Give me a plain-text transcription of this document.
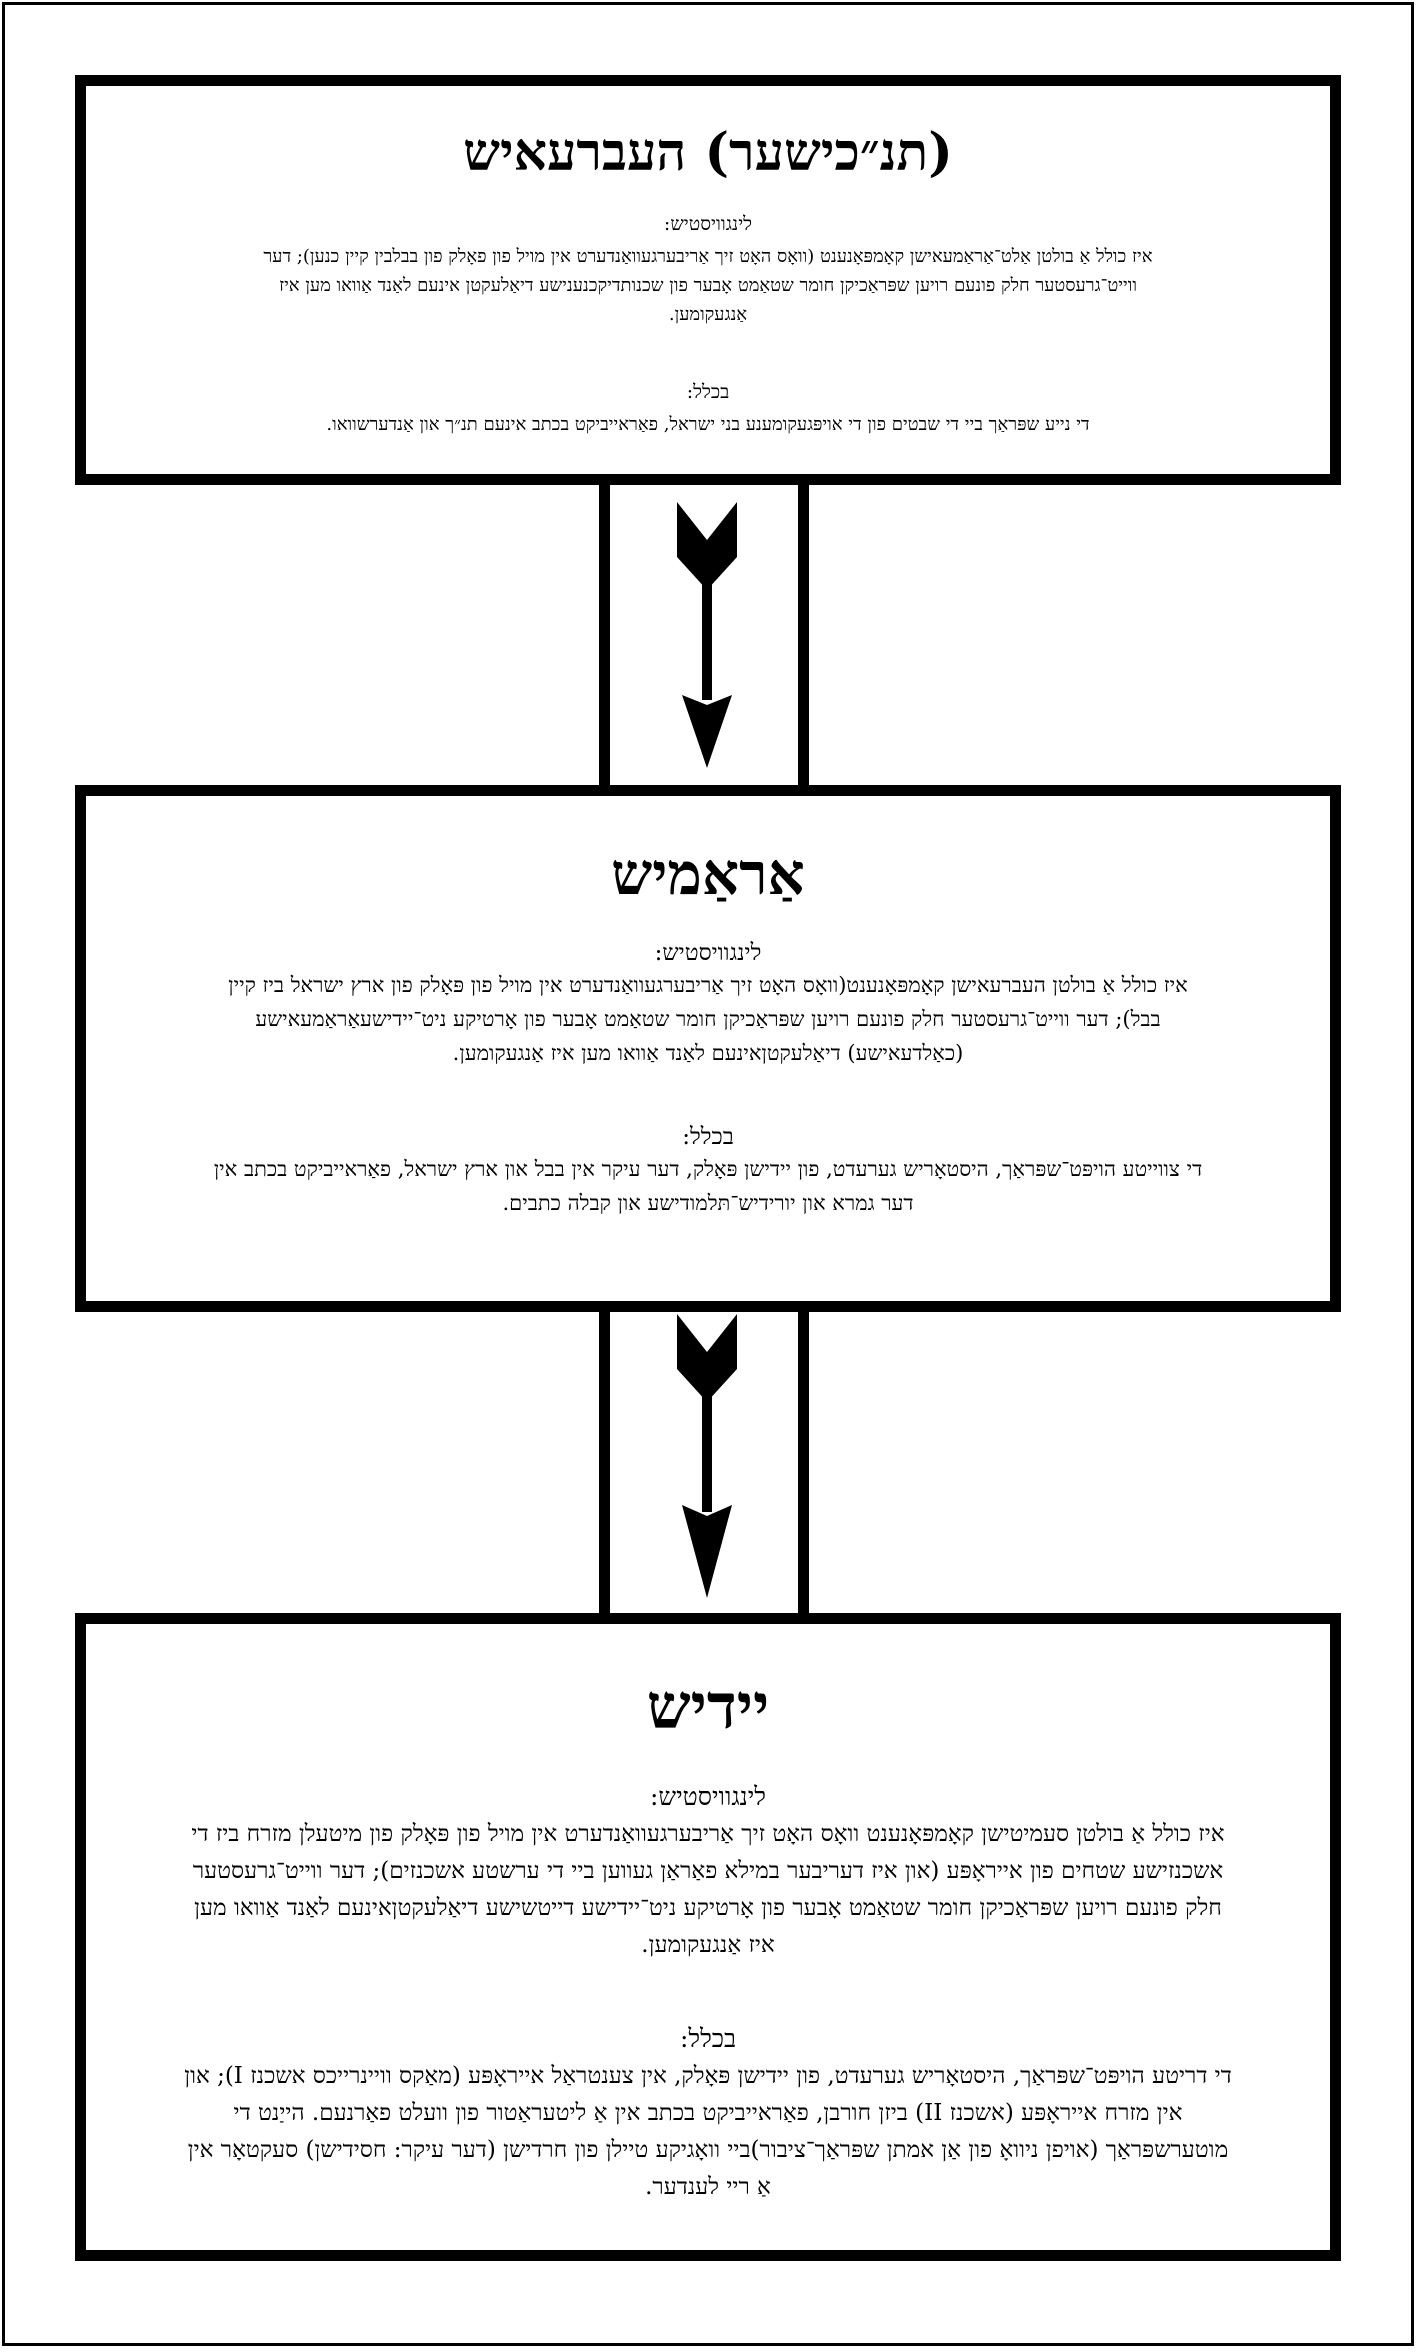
(תנ״כישער) העברעאיש

לינגוויסטיש:

איז כולל אַ בולטן אַלט־אַראַמעאישן קאָמפּאָנענט (וואָס האָט זיך אַריבערגעוואַנדערט אין מויל פון פאָלק פון בבלבין קיין כנען); דער ווייט־גרעסטער חלק פונעם רויען שפּראַכיקן חומר שטאַמט אָבער פון שכנותדיקכנענישע דיאַלעקטן אינעם לאַנד אַוואו מען איז אַנגעקומען.

בכלל:

די נייע שפּראַך ביי די שבטים פון די אויפּגעקומענע בני ישראל, פאַראייביקט בכתב אינעם תנ״ך און אַנדערשוואו.

אַראַמיש

לינגוויסטיש:

איז כולל אַ בולטן העברעאישן קאָמפּאָנענט(וואָס האָט זיך אַריבערגעוואַנדערט אין מויל פון פּאָלק פון ארץ ישראל ביז קיין בבל); דער ווייט־גרעסטער חלק פונעם רויען שפּראַכיקן חומר שטאַמט אָבער פון אָרטיקע ניט־יידישעאַראַמעאישע (כאַלדעאישע) דיאַלעקטןאינעם לאַנד אַוואו מען איז אַנגעקומען.

בכלל:

די צווייטע הויפּט־שפּראַך, היסטאָריש גערעדט, פון יידישן פּאָלק, דער עיקר אין בבל און ארץ ישראל, פאַראייביקט בכתב אין דער גמרא און יורידיש־תּלמודישע און קבלה כתבים.

יידיש

לינגוויסטיש:

איז כולל אַ בולטן סעמיטישן קאָמפּאָנענט וואָס האָט זיך אַריבערגעוואַנדערט אין מויל פון פּאָלק פון מיטעלן מזרח ביז די אשכנזישע שטחים פון אייראָפּע (און איז דעריבער במילא פאַראַן געווען ביי די ערשטע אשכנזים); דער ווייט־גרעסטער חלק פונעם רויען שפּראַכיקן חומר שטאַמט אָבער פון אָרטיקע ניט־יידישע דייטשישע דיאַלעקטןאינעם לאַנד אַוואו מען איז אַנגעקומען.

בכלל:

די דריטע הויפּט־שפּראַך, היסטאָריש גערעדט, פון יידישן פּאָלק, אין צענטראַל אייראָפּע (מאַקס וויינרייכס אשכנז I); און אין מזרח אייראָפּע (אשכנז II) ביזן חורבן, פאַראייביקט בכתב אין אַ ליטעראַטור פון וועלט פאַרנעם. הייַנט די מוטערשפּראַך (אויפן ניוואָ פון אַן אמתן שפּראַך־ציבור)ביי וואָגיקע טיילן פון חרדישן (דער עיקר: חסידישן) סעקטאָר אין אַ ריי לענדער.
